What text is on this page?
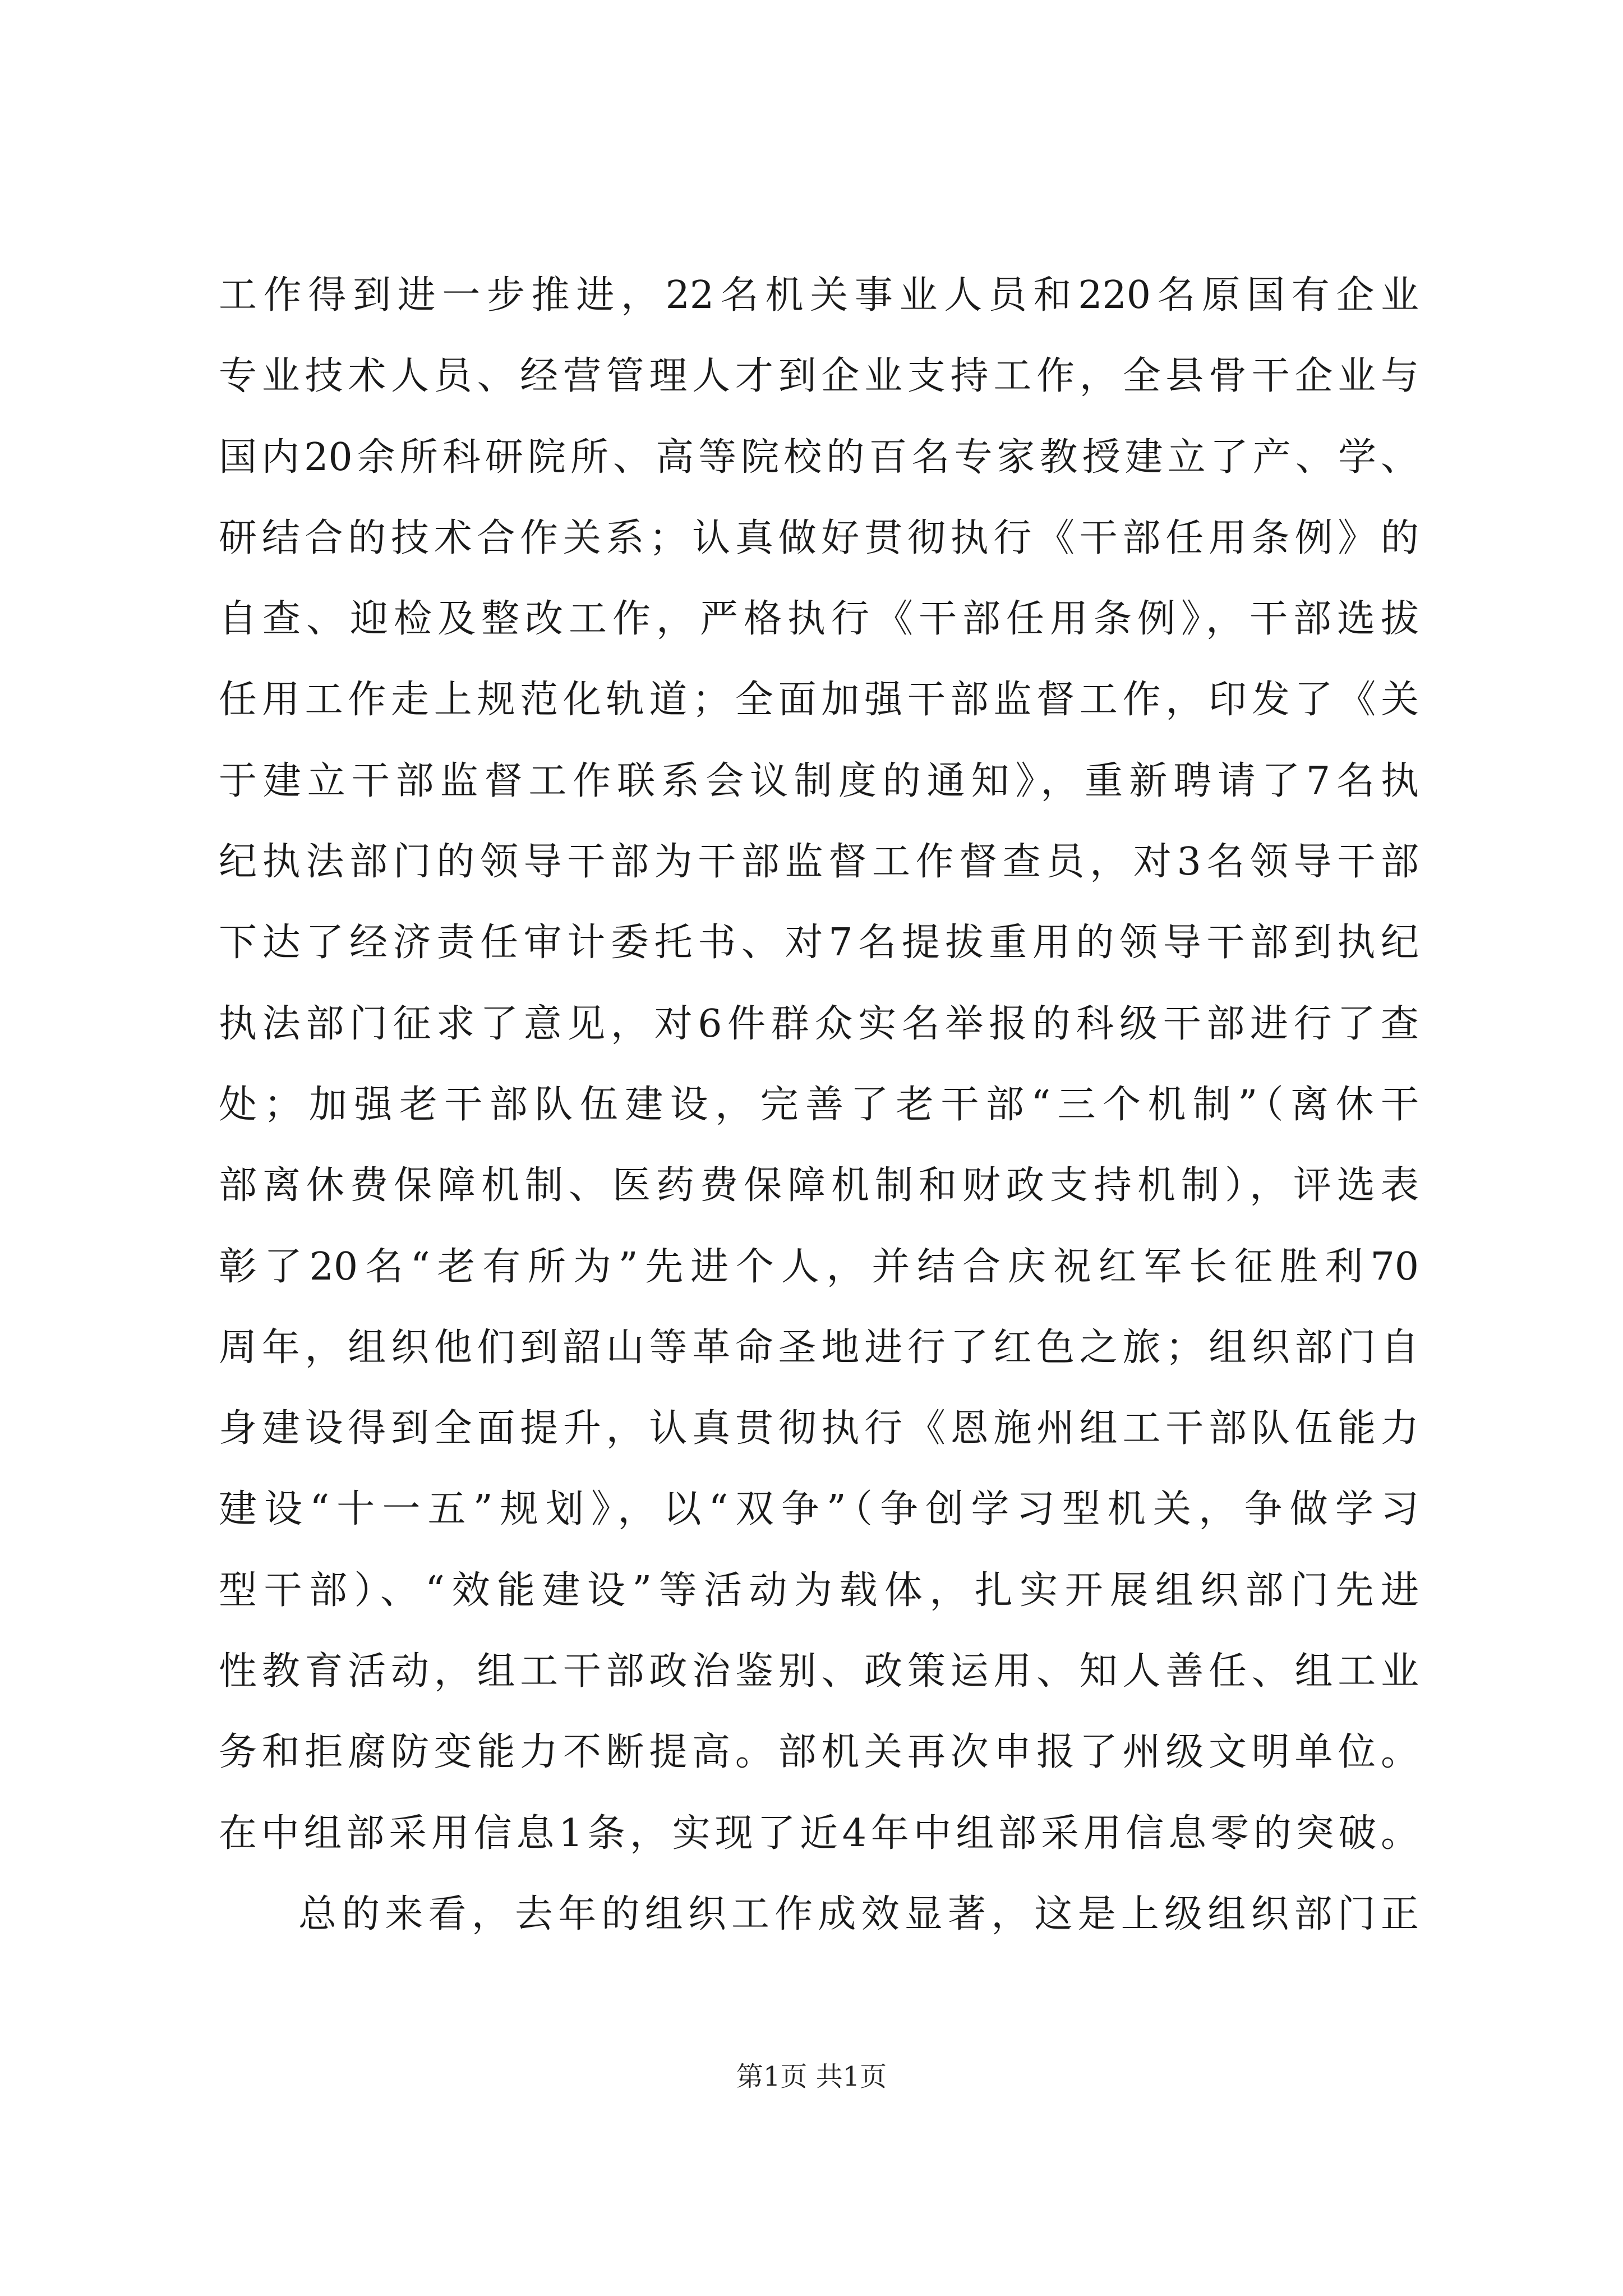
工作得到进一步推进，22名机关事业人员和220名原国有企业
专业技术人员、经营管理人才到企业支持工作，全县骨干企业与
国内20余所科研院所、高等院校的百名专家教授建立了产、学、
研结合的技术合作关系；认真做好贯彻执行《干部任用条例》的
自查、迎检及整改工作，严格执行《干部任用条例》，干部选拔
任用工作走上规范化轨道；全面加强干部监督工作，印发了《关
于建立干部监督工作联系会议制度的通知》，重新聘请了7名执
纪执法部门的领导干部为干部监督工作督查员，对3名领导干部
下达了经济责任审计委托书、对7名提拔重用的领导干部到执纪
执法部门征求了意见，对6件群众实名举报的科级干部进行了查
处；加强老干部队伍建设，完善了老干部“三个机制”（离休干
部离休费保障机制、医药费保障机制和财政支持机制），评选表
彰了20名“老有所为”先进个人，并结合庆祝红军长征胜利70
周年，组织他们到韶山等革命圣地进行了红色之旅；组织部门自
身建设得到全面提升，认真贯彻执行《恩施州组工干部队伍能力
建设“十一五”规划》，以“双争”（争创学习型机关，争做学习
型干部）、“效能建设”等活动为载体，扎实开展组织部门先进
性教育活动，组工干部政治鉴别、政策运用、知人善任、组工业
务和拒腐防变能力不断提高。部机关再次申报了州级文明单位。
在中组部采用信息1条，实现了近4年中组部采用信息零的突破。
总的来看，去年的组织工作成效显著，这是上级组织部门正
第1页 共1页
